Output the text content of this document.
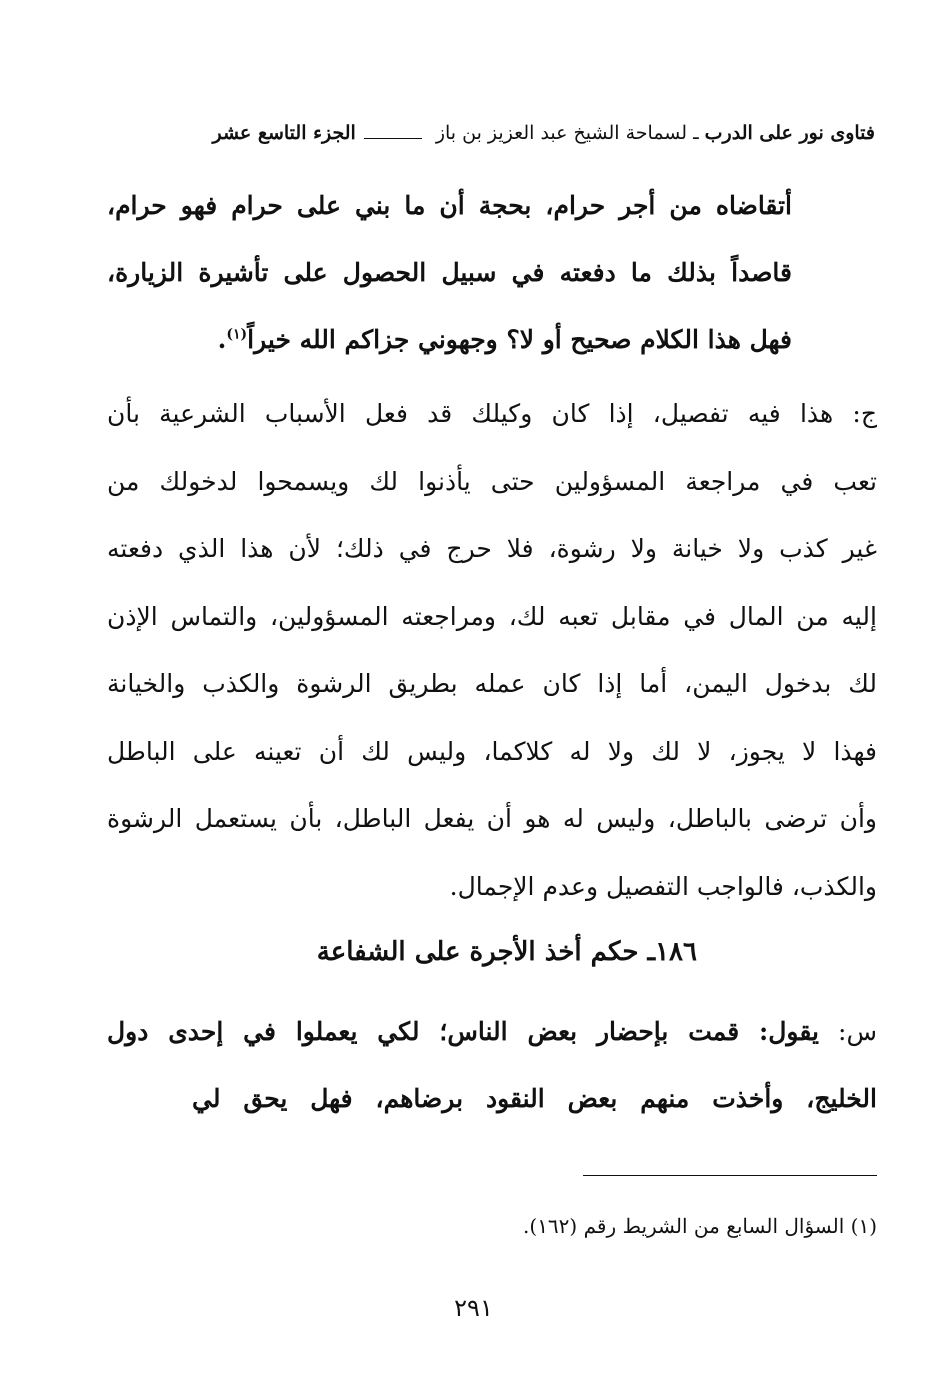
فتاوى نور على الدرب
ـ لسماحة الشيخ عبد العزيز بن باز
الجزء التاسع عشر
أتقاضاه من أجر حرام، بحجة أن ما بني على حرام فهو حرام،
قاصداً بذلك ما دفعته في سبيل الحصول على تأشيرة الزيارة،
فهل هذا الكلام صحيح أو لا؟ وجهوني جزاكم الله خيراً$^{(١)}$.
ج: هذا فيه تفصيل، إذا كان وكيلك قد فعل الأسباب الشرعية بأن
تعب في مراجعة المسؤولين حتى يأذنوا لك ويسمحوا لدخولك من
غير كذب ولا خيانة ولا رشوة، فلا حرج في ذلك؛ لأن هذا الذي دفعته
إليه من المال في مقابل تعبه لك، ومراجعته المسؤولين، والتماس الإذن
لك بدخول اليمن، أما إذا كان عمله بطريق الرشوة والكذب والخيانة
فهذا لا يجوز، لا لك ولا له كلاكما، وليس لك أن تعينه على الباطل
وأن ترضى بالباطل، وليس له هو أن يفعل الباطل، بأن يستعمل الرشوة
والكذب، فالواجب التفصيل وعدم الإجمال.
١٨٦ـ حكم أخذ الأجرة على الشفاعة
س: يقول: قمت بإحضار بعض الناس؛ لكي يعملوا في إحدى دول
الخليج، وأخذت منهم بعض النقود برضاهم، فهل يحق لي
(١) السؤال السابع من الشريط رقم (١٦٢).
٢٩١
